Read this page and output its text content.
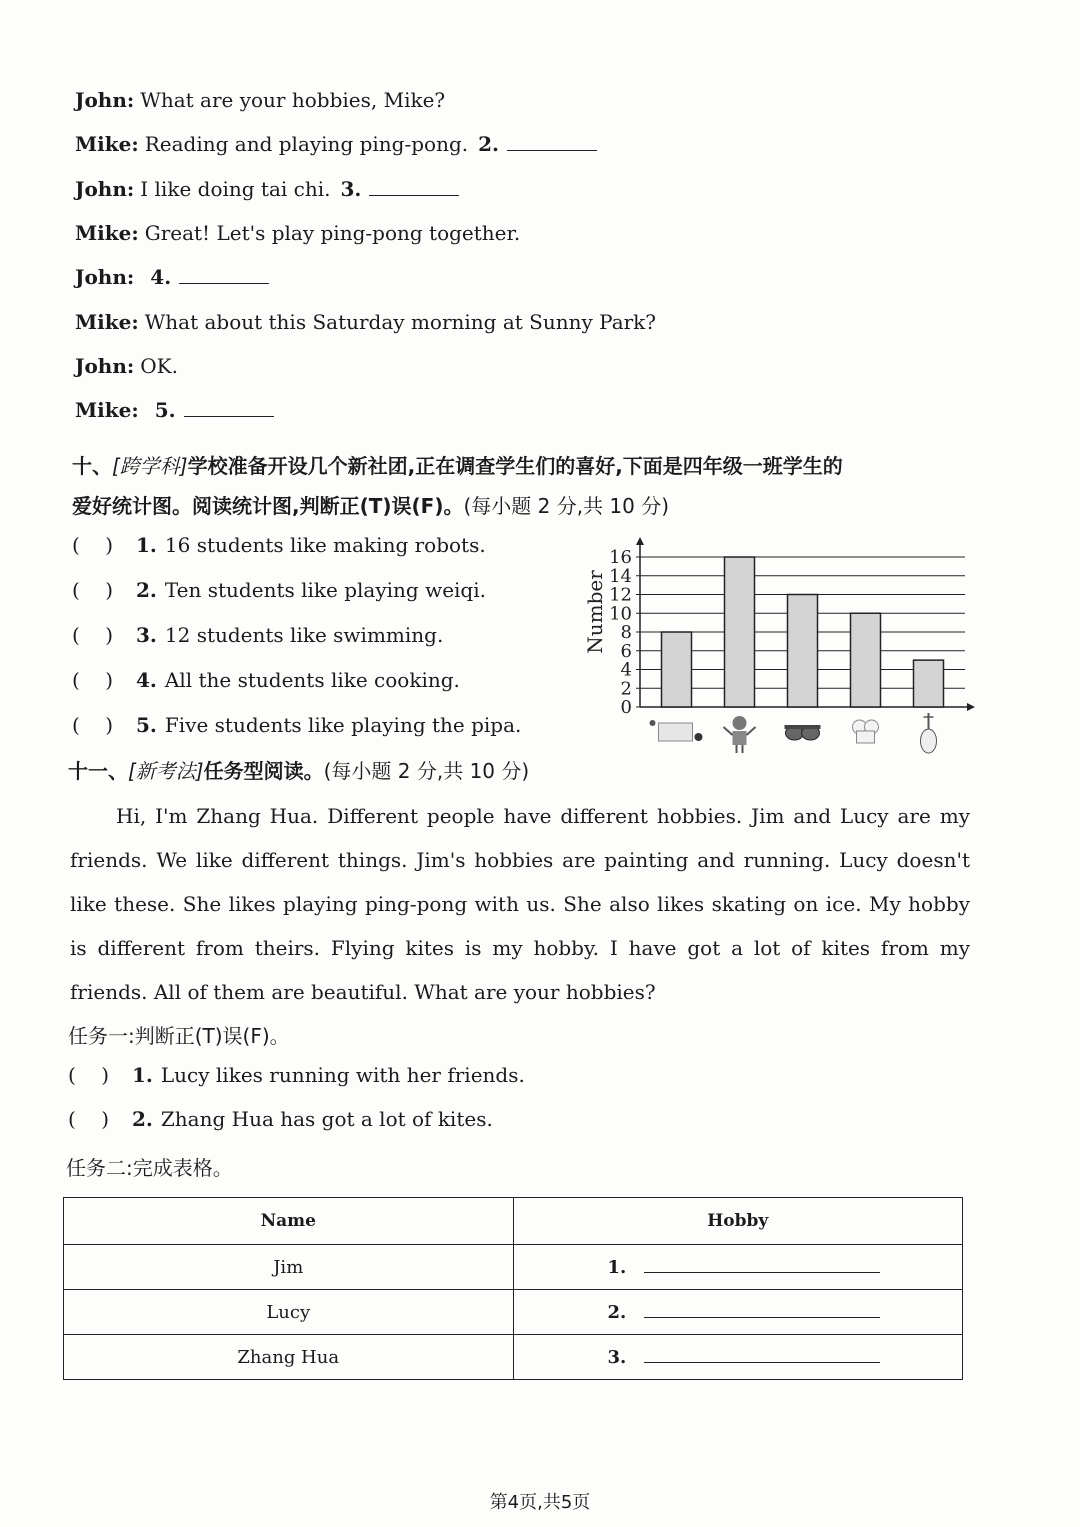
John: What are your hobbies, Mike?
Mike: Reading and playing ping-pong. 2.
John: I like doing tai chi. 3.
Mike: Great! Let's play ping-pong together.
John: 4.
Mike: What about this Saturday morning at Sunny Park?
John: OK.
Mike: 5.
十、[跨学科]学校准备开设几个新社团,正在调查学生们的喜好,下面是四年级一班学生的
爱好统计图。阅读统计图,判断正(T)误(F)。(每小题 2 分,共 10 分)
(    ) 1. 16 students like making robots.
(    ) 2. Ten students like playing weiqi.
(    ) 3. 12 students like swimming.
(    ) 4. All the students like cooking.
(    ) 5. Five students like playing the pipa.
0
2
4
6
8
10
12
14
16
Number
十一、[新考法]任务型阅读。(每小题 2 分,共 10 分)
Hi, I'm Zhang Hua. Different people have different hobbies. Jim and Lucy are my friends. We like different things. Jim's hobbies are painting and running. Lucy doesn't like these. She likes playing ping-pong with us. She also likes skating on ice. My hobby is different from theirs. Flying kites is my hobby. I have got a lot of kites from my friends. All of them are beautiful. What are your hobbies?
任务一:判断正(T)误(F)。
(    ) 1. Lucy likes running with her friends.
(    ) 2. Zhang Hua has got a lot of kites.
任务二:完成表格。
Name	Hobby
Jim	1.
Lucy	2.
Zhang Hua	3.
第4页,共5页
